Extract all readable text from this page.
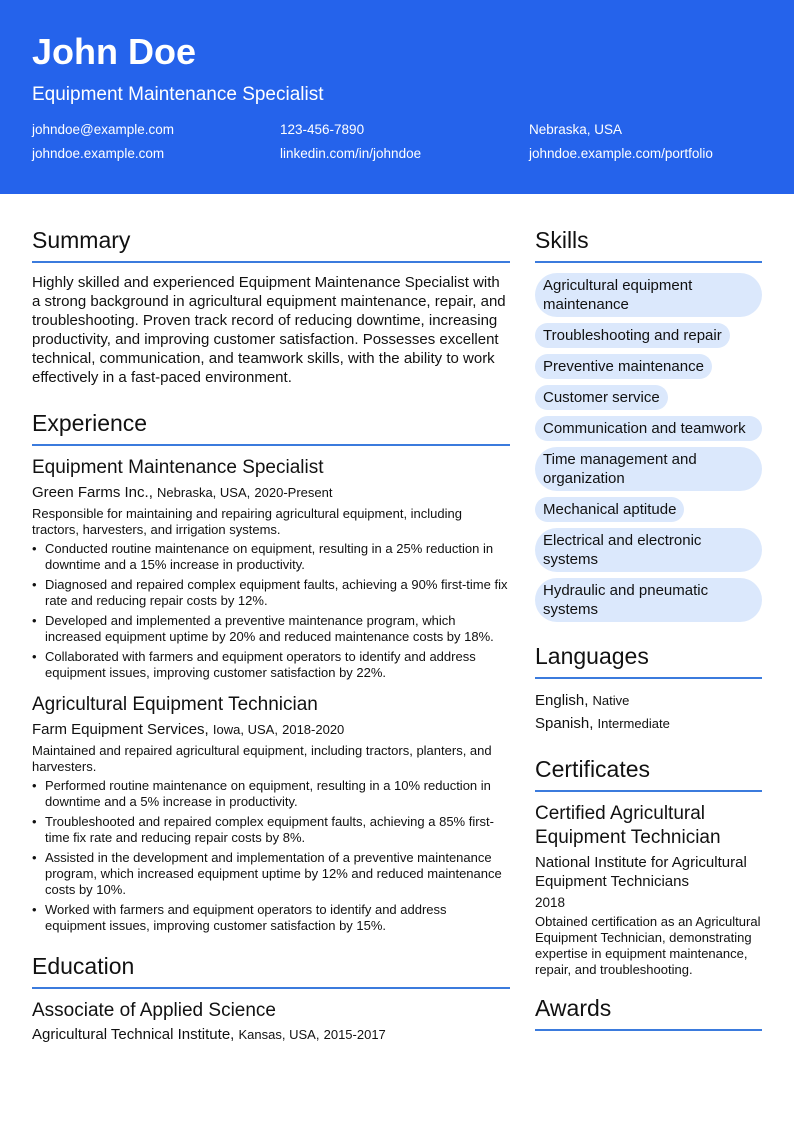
John Doe
Equipment Maintenance Specialist
johndoe@example.com	123-456-7890	Nebraska, USA
johndoe.example.com	linkedin.com/in/johndoe	johndoe.example.com/portfolio
Summary
Highly skilled and experienced Equipment Maintenance Specialist with a strong background in agricultural equipment maintenance, repair, and troubleshooting. Proven track record of reducing downtime, increasing productivity, and improving customer satisfaction. Possesses excellent technical, communication, and teamwork skills, with the ability to work effectively in a fast-paced environment.
Experience
Equipment Maintenance Specialist
Green Farms Inc., Nebraska, USA, 2020-Present
Responsible for maintaining and repairing agricultural equipment, including tractors, harvesters, and irrigation systems.
• Conducted routine maintenance on equipment, resulting in a 25% reduction in downtime and a 15% increase in productivity.
• Diagnosed and repaired complex equipment faults, achieving a 90% first-time fix rate and reducing repair costs by 12%.
• Developed and implemented a preventive maintenance program, which increased equipment uptime by 20% and reduced maintenance costs by 18%.
• Collaborated with farmers and equipment operators to identify and address equipment issues, improving customer satisfaction by 22%.
Agricultural Equipment Technician
Farm Equipment Services, Iowa, USA, 2018-2020
Maintained and repaired agricultural equipment, including tractors, planters, and harvesters.
• Performed routine maintenance on equipment, resulting in a 10% reduction in downtime and a 5% increase in productivity.
• Troubleshooted and repaired complex equipment faults, achieving a 85% first-time fix rate and reducing repair costs by 8%.
• Assisted in the development and implementation of a preventive maintenance program, which increased equipment uptime by 12% and reduced maintenance costs by 10%.
• Worked with farmers and equipment operators to identify and address equipment issues, improving customer satisfaction by 15%.
Education
Associate of Applied Science
Agricultural Technical Institute, Kansas, USA, 2015-2017
Skills
Agricultural equipment maintenance Troubleshooting and repair Preventive maintenance Customer service Communication and teamwork Time management and organization Mechanical aptitude Electrical and electronic systems Hydraulic and pneumatic systems
Languages
English, Native
Spanish, Intermediate
Certificates
Certified Agricultural Equipment Technician
National Institute for Agricultural Equipment Technicians
2018
Obtained certification as an Agricultural Equipment Technician, demonstrating expertise in equipment maintenance, repair, and troubleshooting.
Awards
